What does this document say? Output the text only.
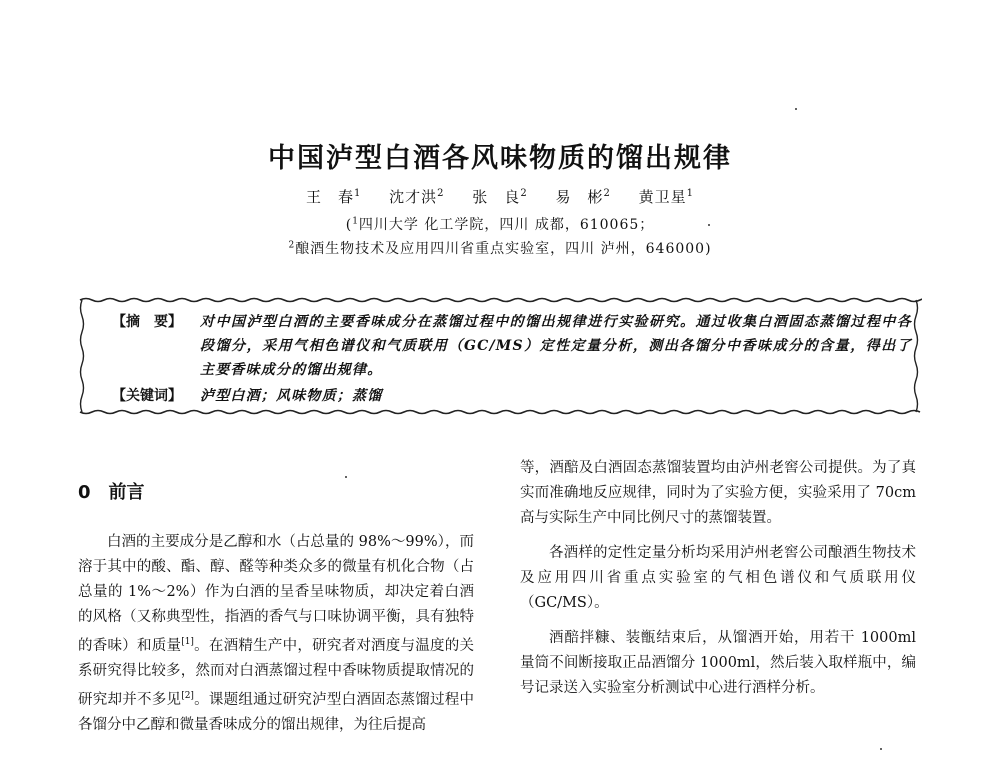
中国泸型白酒各风味物质的馏出规律
王　春$^1$ 沈才洪$^2$ 张　良$^2$ 易　彬$^2$ 黄卫星$^1$
($^1$四川大学 化工学院，四川 成都，610065；
$^2$酿酒生物技术及应用四川省重点实验室，四川 泸州，646000)
【摘　要】 对中国泸型白酒的主要香味成分在蒸馏过程中的馏出规律进行实验研究。通过收集白酒固态蒸馏过程中各段馏分，采用气相色谱仪和气质联用（GC/MS）定性定量分析，测出各馏分中香味成分的含量，得出了主要香味成分的馏出规律。
【关键词】 泸型白酒；风味物质；蒸馏
0 前言

白酒的主要成分是乙醇和水（占总量的 98%～99%），而溶于其中的酸、酯、醇、醛等种类众多的微量有机化合物（占总量的 1%～2%）作为白酒的呈香呈味物质，却决定着白酒的风格（又称典型性，指酒的香气与口味协调平衡，具有独特的香味）和质量[1]。在酒精生产中，研究者对酒度与温度的关系研究得比较多，然而对白酒蒸馏过程中香味物质提取情况的研究却并不多见[2]。课题组通过研究泸型白酒固态蒸馏过程中各馏分中乙醇和微量香味成分的馏出规律，为往后提高

等，酒醅及白酒固态蒸馏装置均由泸州老窖公司提供。为了真实而准确地反应规律，同时为了实验方便，实验采用了 70cm 高与实际生产中同比例尺寸的蒸馏装置。

各酒样的定性定量分析均采用泸州老窖公司酿酒生物技术及应用四川省重点实验室的气相色谱仪和气质联用仪（GC/MS）。

酒醅拌糠、装甑结束后，从馏酒开始，用若干 1000ml 量筒不间断接取正品酒馏分 1000ml，然后装入取样瓶中，编号记录送入实验室分析测试中心进行酒样分析。
